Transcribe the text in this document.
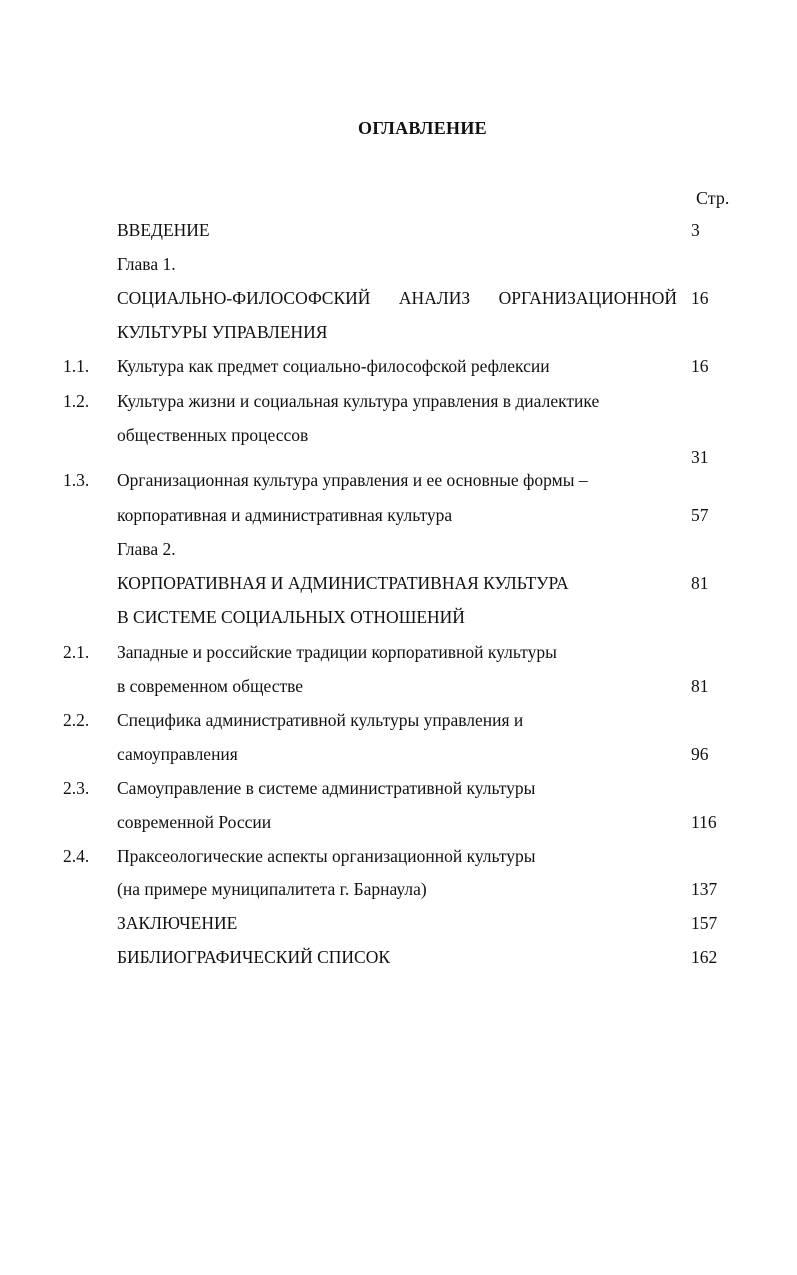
ОГЛАВЛЕНИЕ
Стр.
ВВЕДЕНИЕ	3
Глава 1.
СОЦИАЛЬНО-ФИЛОСОФСКИЙ АНАЛИЗ ОРГАНИЗАЦИОННОЙ 16
КУЛЬТУРЫ УПРАВЛЕНИЯ
1.1. Культура как предмет социально-философской рефлексии	16
1.2. Культура жизни и социальная культура управления в диалектике
общественных процессов
31
1.3. Организационная культура управления и ее основные формы –
корпоративная и административная культура	57
Глава 2.
КОРПОРАТИВНАЯ И АДМИНИСТРАТИВНАЯ КУЛЬТУРА	81
В СИСТЕМЕ СОЦИАЛЬНЫХ ОТНОШЕНИЙ
2.1. Западные и российские традиции корпоративной культуры
в современном обществе	81
2.2. Специфика административной культуры управления и
самоуправления	96
2.3. Самоуправление в системе административной культуры
современной России	116
2.4. Праксеологические аспекты организационной культуры
(на примере муниципалитета г. Барнаула)	137
ЗАКЛЮЧЕНИЕ	157
БИБЛИОГРАФИЧЕСКИЙ СПИСОК	162
